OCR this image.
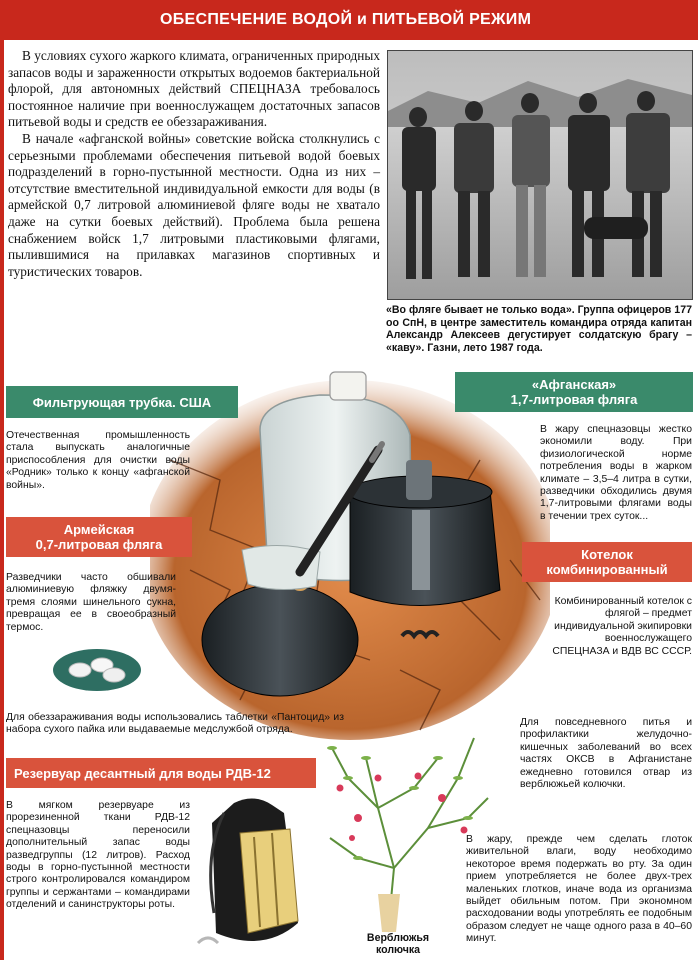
ОБЕСПЕЧЕНИЕ ВОДОЙ и ПИТЬЕВОЙ РЕЖИМ

В условиях сухого жаркого климата, ограниченных природных запасов воды и зараженности открытых водоемов бактериальной флорой, для автономных действий СПЕЦНАЗА требовалось постоянное наличие при военнослужащем достаточных запасов питьевой воды и средств ее обеззараживания.

В начале «афганской войны» советские войска столкнулись с серьезными проблемами обеспечения питьевой водой боевых подразделений в горно-пустынной местности. Одна из них – отсутствие вместительной индивидуальной емкости для воды (в армейской 0,7 литровой алюминиевой фляге воды не хватало даже на сутки боевых действий). Проблема была решена снабжением войск 1,7 литровыми пластиковыми флягами, пылившимися на прилавках магазинов спортивных и туристических товаров.

«Во фляге бывает не только вода». Группа офицеров 177 оо СпН, в центре заместитель командира отряда капитан Александр Алексеев дегустирует солдатскую брагу – «каву». Газни, лето 1987 года.
Фильтрующая трубка. США
Отечественная промышленность стала выпускать аналогичные приспособления для очистки воды «Родник» только к концу «афганской войны».
«Афганская»
1,7-литровая фляга
В жару спецназовцы жестко экономили воду. При физиологической норме потребления воды в жарком климате – 3,5–4 литра в сутки, разведчики обходились двумя 1,7-литровыми флягами воды в течении трех суток...
Армейская
0,7-литровая фляга
Разведчики часто обшивали алюминиевую фляжку двумя-тремя слоями шинельного сукна, превращая ее в своеобразный термос.
Котелок
комбинированный
Комбинированный котелок с флягой – предмет индивидуальной экипировки военнослужащего СПЕЦНАЗА и ВДВ ВС СССР.
Для обеззараживания воды использовались таблетки «Пантоцид» из набора сухого пайка или выдаваемые медслужбой отряда.
Для повседневного питья и профилактики желудочно-кишечных заболеваний во всех частях ОКСВ в Афганистане ежедневно готовился отвар из верблюжьей колючки.
Резервуар десантный для воды РДВ-12
В мягком резервуаре из прорезиненной ткани РДВ-12 спецназовцы переносили дополнительный запас воды разведгруппы (12 литров). Расход воды в горно-пустынной местности строго контролировался командиром группы и сержантами – командирами отделений и санинструкторы роты.
Верблюжья
колючка
В жару, прежде чем сделать глоток живительной влаги, воду необходимо некоторое время подержать во рту. За один прием употребляется не более двух-трех маленьких глотков, иначе вода из организма выйдет обильным потом. При экономном расходовании воды употреблять ее подобным образом следует не чаще одного раза в 40–60 минут.
